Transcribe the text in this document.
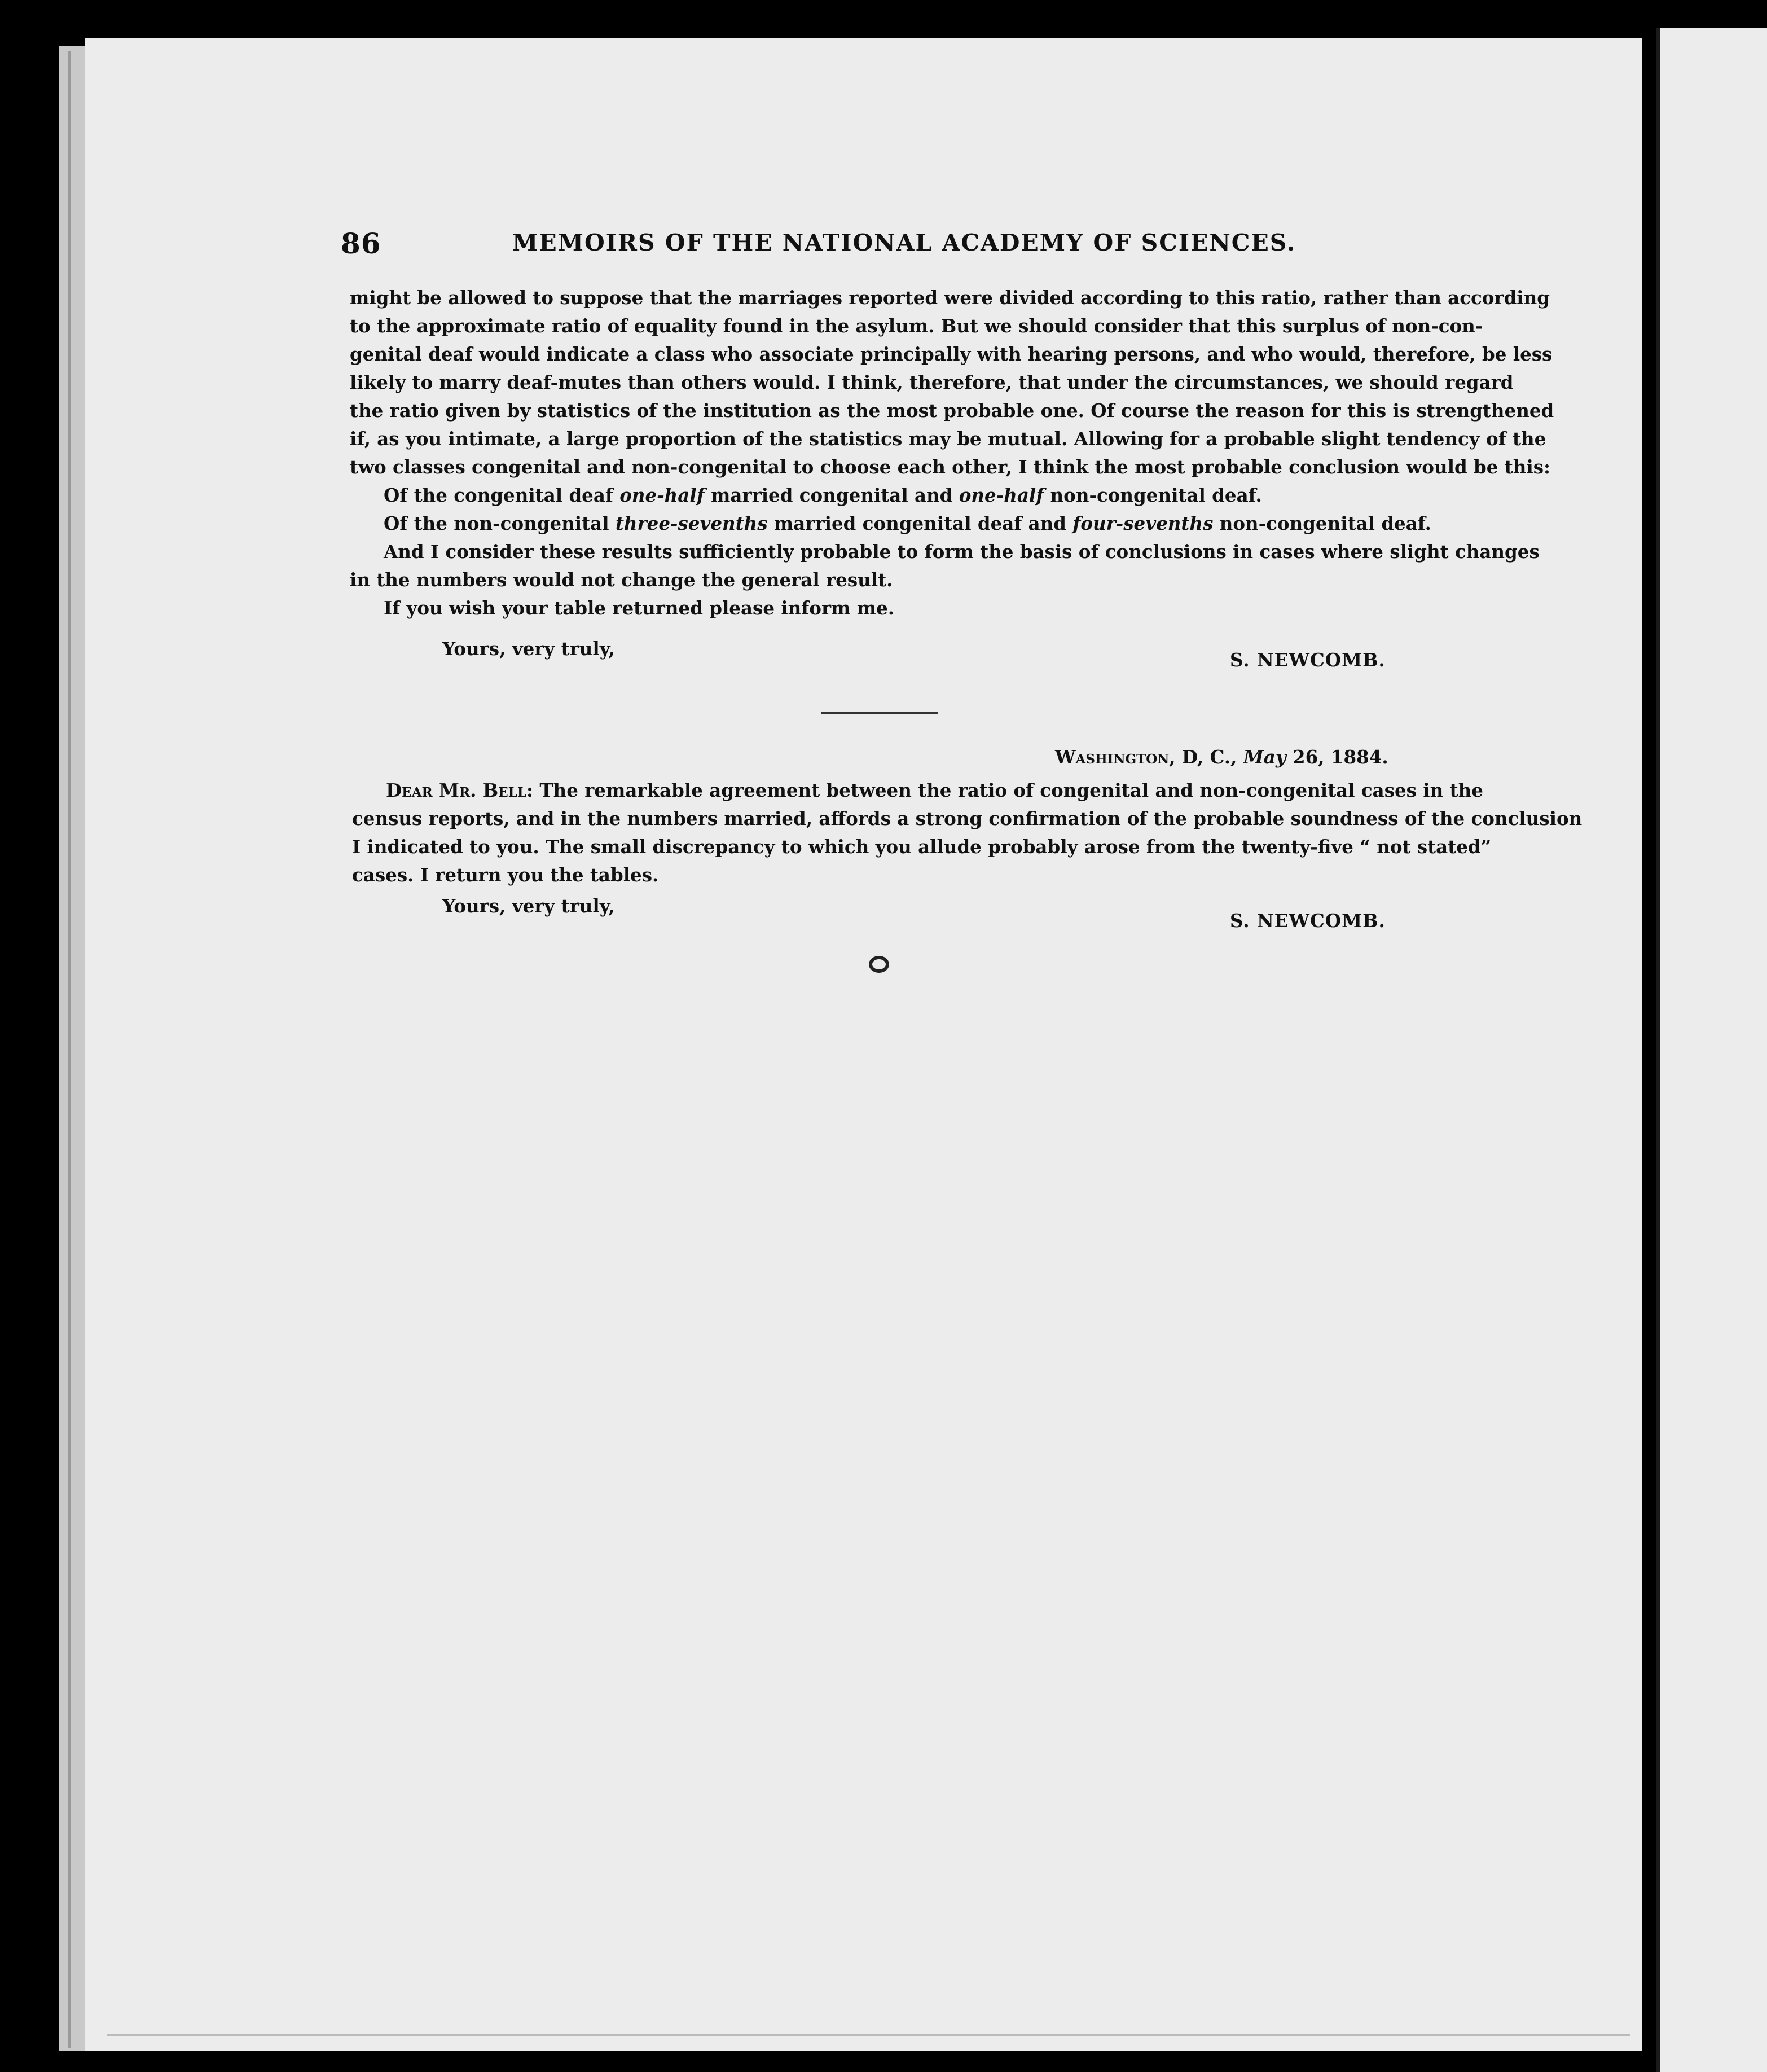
86	MEMOIRS OF THE NATIONAL ACADEMY OF SCIENCES.
might be allowed to suppose that the marriages reported were divided according to this ratio, rather than according
to the approximate ratio of equality found in the asylum. But we should consider that this surplus of non-con-
genital deaf would indicate a class who associate principally with hearing persons, and who would, therefore, be less
likely to marry deaf-mutes than others would. I think, therefore, that under the circumstances, we should regard
the ratio given by statistics of the institution as the most probable one. Of course the reason for this is strengthened
if, as you intimate, a large proportion of the statistics may be mutual. Allowing for a probable slight tendency of the
two classes congenital and non-congenital to choose each other, I think the most probable conclusion would be this:
Of the congenital deaf one-half married congenital and one-half non-congenital deaf.
Of the non-congenital three-sevenths married congenital deaf and four-sevenths non-congenital deaf.
And I consider these results sufficiently probable to form the basis of conclusions in cases where slight changes
in the numbers would not change the general result.
If you wish your table returned please inform me.
Yours, very truly,
S. NEWCOMB.
Washington, D, C., May 26, 1884.
Dear Mr. Bell: The remarkable agreement between the ratio of congenital and non-congenital cases in the
census reports, and in the numbers married, affords a strong confirmation of the probable soundness of the conclusion
I indicated to you. The small discrepancy to which you allude probably arose from the twenty-five “ not stated”
cases. I return you the tables.
Yours, very truly,
S. NEWCOMB.
